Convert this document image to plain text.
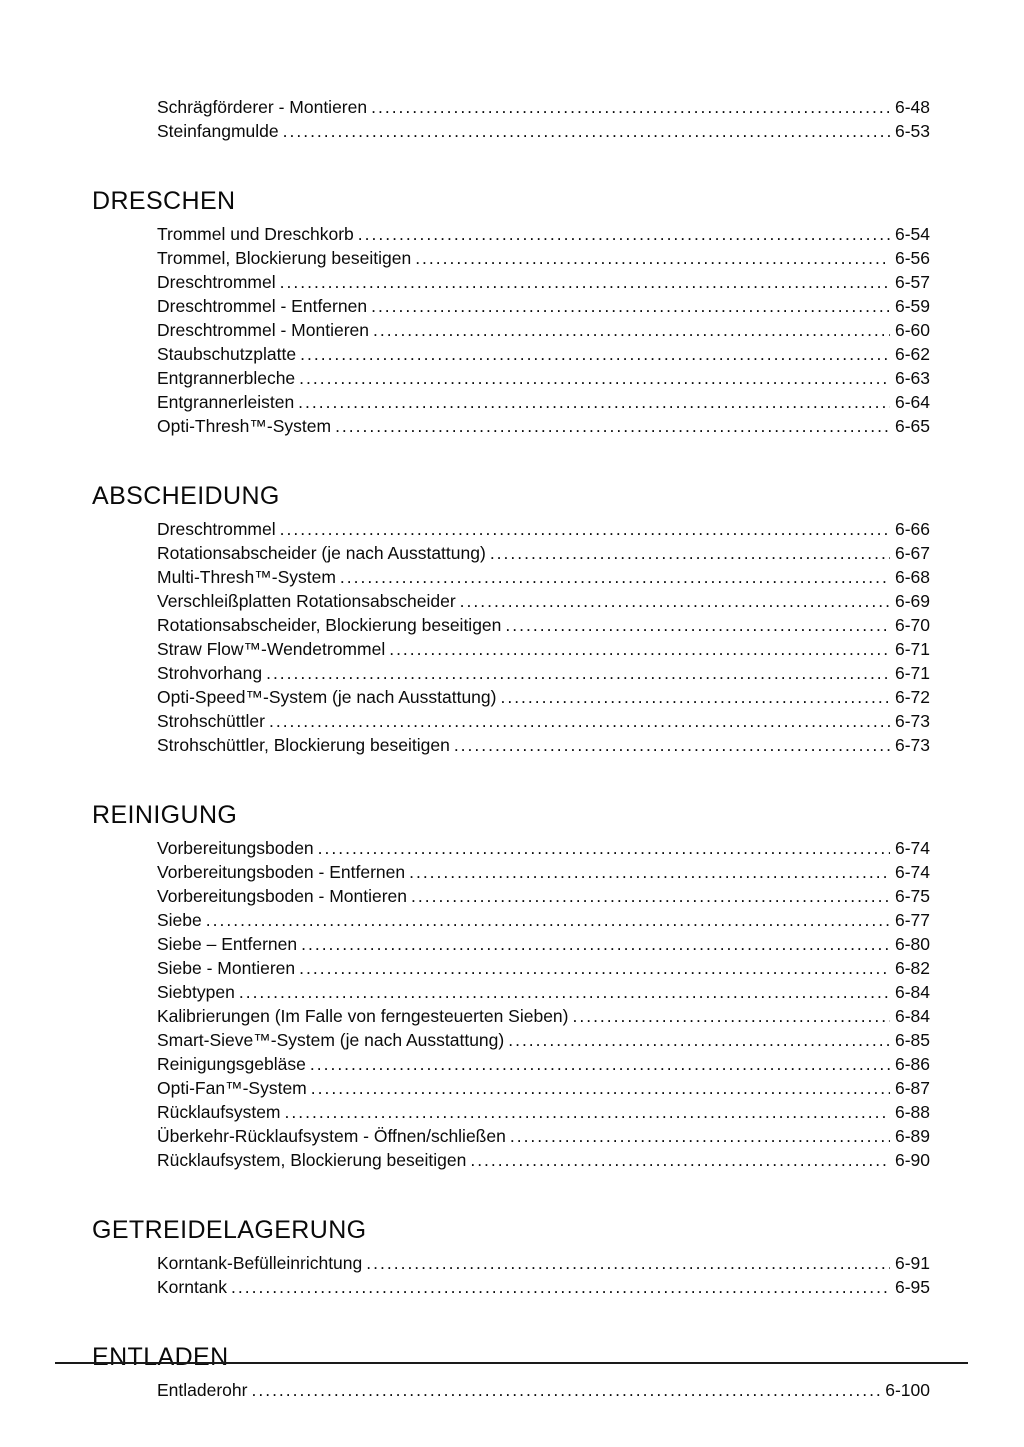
Schrägförderer - Montieren .....	6-48
Steinfangmulde .....	6-53
DRESCHEN
Trommel und Dreschkorb .....	6-54
Trommel, Blockierung beseitigen .....	6-56
Dreschtrommel .....	6-57
Dreschtrommel - Entfernen .....	6-59
Dreschtrommel - Montieren .....	6-60
Staubschutzplatte .....	6-62
Entgrannerbleche .....	6-63
Entgrannerleisten .....	6-64
Opti-Thresh™-System .....	6-65
ABSCHEIDUNG
Dreschtrommel .....	6-66
Rotationsabscheider (je nach Ausstattung) .....	6-67
Multi-Thresh™-System .....	6-68
Verschleißplatten Rotationsabscheider .....	6-69
Rotationsabscheider, Blockierung beseitigen .....	6-70
Straw Flow™-Wendetrommel .....	6-71
Strohvorhang .....	6-71
Opti-Speed™-System (je nach Ausstattung) .....	6-72
Strohschüttler .....	6-73
Strohschüttler, Blockierung beseitigen .....	6-73
REINIGUNG
Vorbereitungsboden .....	6-74
Vorbereitungsboden - Entfernen .....	6-74
Vorbereitungsboden - Montieren .....	6-75
Siebe .....	6-77
Siebe – Entfernen .....	6-80
Siebe - Montieren .....	6-82
Siebtypen .....	6-84
Kalibrierungen (Im Falle von ferngesteuerten Sieben) .....	6-84
Smart-Sieve™-System (je nach Ausstattung) .....	6-85
Reinigungsgebläse .....	6-86
Opti-Fan™-System .....	6-87
Rücklaufsystem .....	6-88
Überkehr-Rücklaufsystem - Öffnen/schließen .....	6-89
Rücklaufsystem, Blockierung beseitigen .....	6-90
GETREIDELAGERUNG
Korntank-Befülleinrichtung .....	6-91
Korntank .....	6-95
ENTLADEN
Entladerohr .....	6-100
